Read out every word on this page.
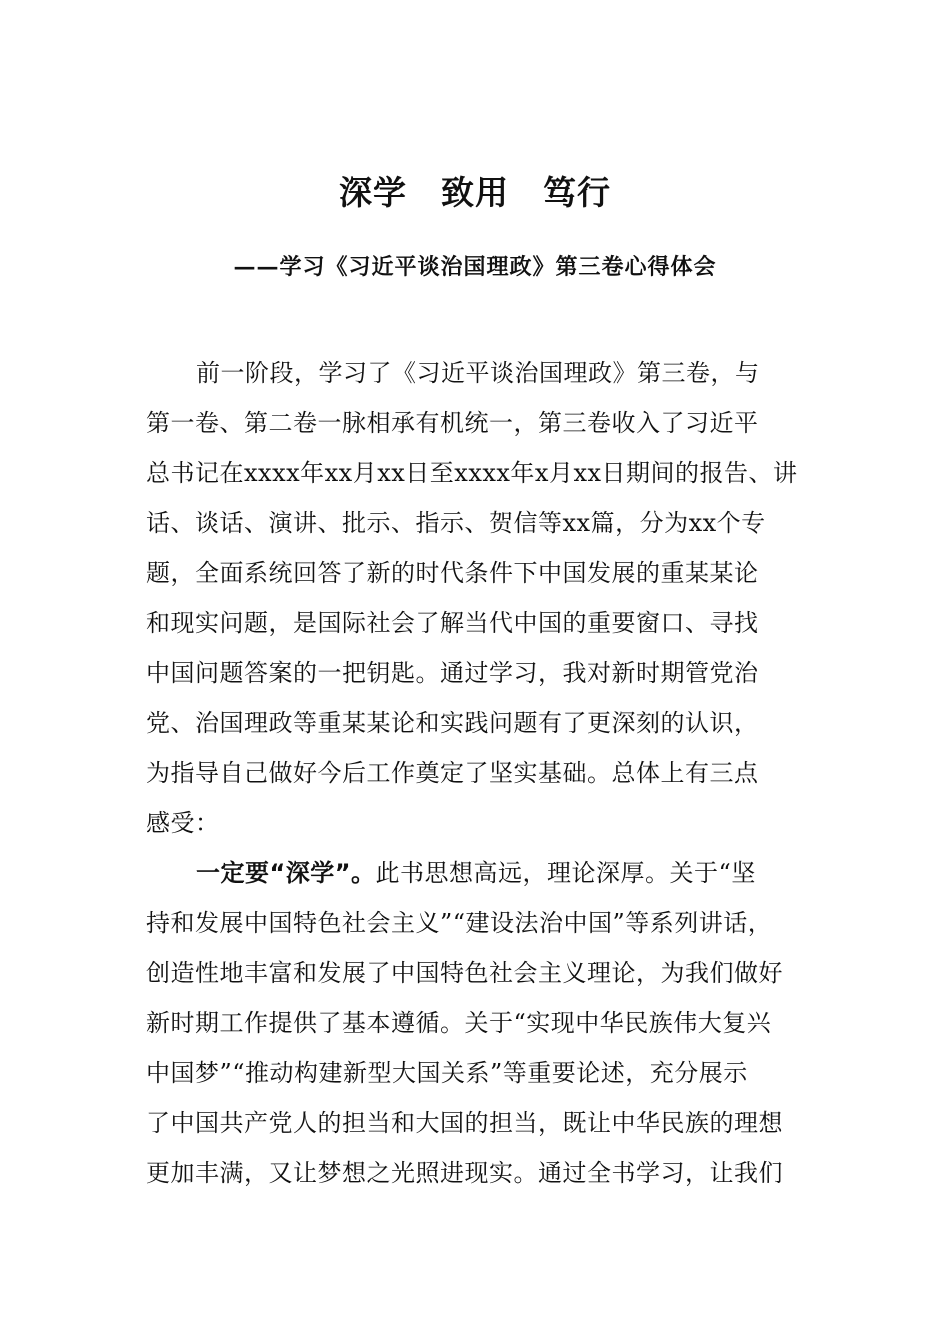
深学　致用　笃行
——学习《习近平谈治国理政》第三卷心得体会
前一阶段，学习了《习近平谈治国理政》第三卷，与
第一卷、第二卷一脉相承有机统一，第三卷收入了习近平
总书记在xxxx年xx月xx日至xxxx年x月xx日期间的报告、讲
话、谈话、演讲、批示、指示、贺信等xx篇，分为xx个专
题，全面系统回答了新的时代条件下中国发展的重某某论
和现实问题，是国际社会了解当代中国的重要窗口、寻找
中国问题答案的一把钥匙。通过学习，我对新时期管党治
党、治国理政等重某某论和实践问题有了更深刻的认识，
为指导自己做好今后工作奠定了坚实基础。总体上有三点
感受：
一定要“深学”。此书思想高远，理论深厚。关于“坚
持和发展中国特色社会主义”“建设法治中国”等系列讲话，
创造性地丰富和发展了中国特色社会主义理论，为我们做好
新时期工作提供了基本遵循。关于“实现中华民族伟大复兴
中国梦”“推动构建新型大国关系”等重要论述，充分展示
了中国共产党人的担当和大国的担当，既让中华民族的理想
更加丰满，又让梦想之光照进现实。通过全书学习，让我们
